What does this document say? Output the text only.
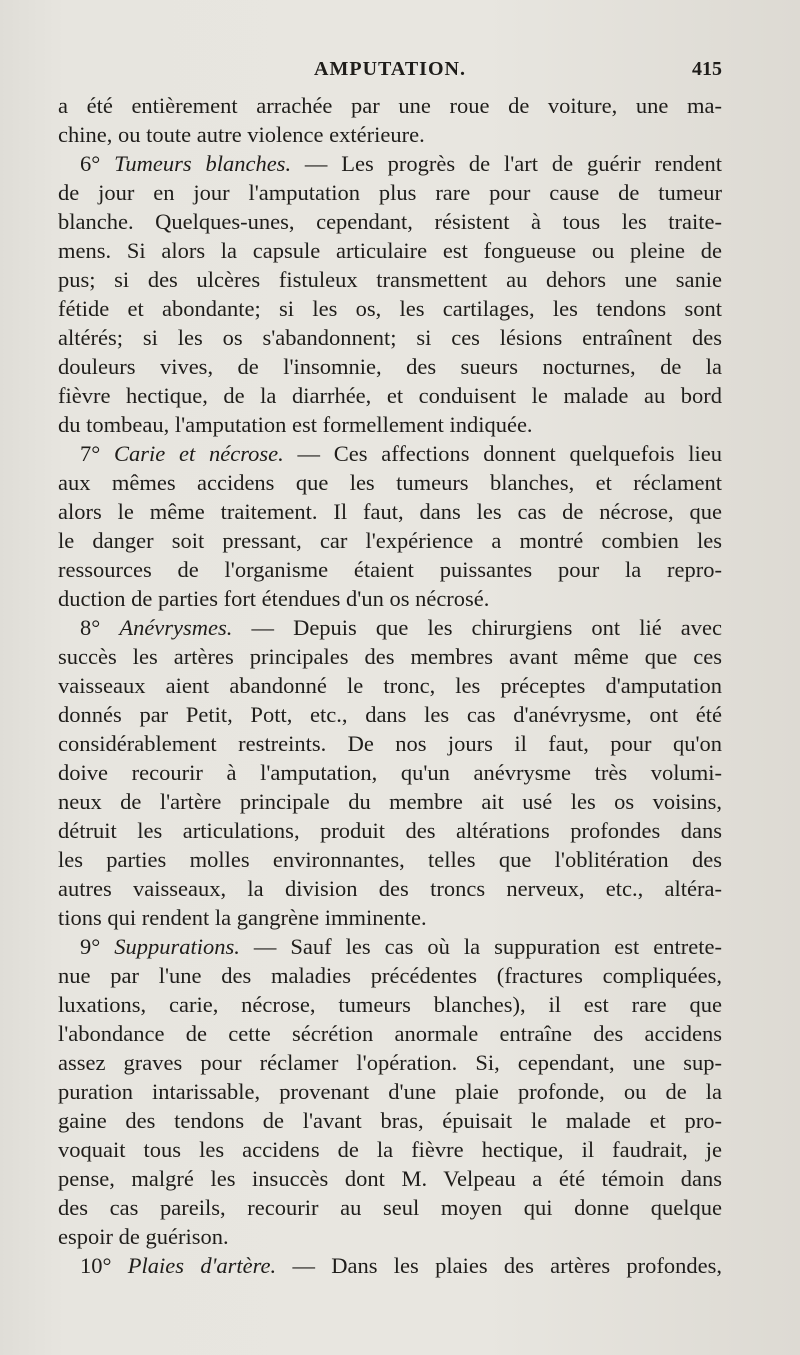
AMPUTATION.	415
a été entièrement arrachée par une roue de voiture, une ma-
chine, ou toute autre violence extérieure.
6° Tumeurs blanches. — Les progrès de l'art de guérir rendent
de jour en jour l'amputation plus rare pour cause de tumeur
blanche. Quelques-unes, cependant, résistent à tous les traite-
mens. Si alors la capsule articulaire est fongueuse ou pleine de
pus; si des ulcères fistuleux transmettent au dehors une sanie
fétide et abondante; si les os, les cartilages, les tendons sont
altérés; si les os s'abandonnent; si ces lésions entraînent des
douleurs vives, de l'insomnie, des sueurs nocturnes, de la
fièvre hectique, de la diarrhée, et conduisent le malade au bord
du tombeau, l'amputation est formellement indiquée.
7° Carie et nécrose. — Ces affections donnent quelquefois lieu
aux mêmes accidens que les tumeurs blanches, et réclament
alors le même traitement. Il faut, dans les cas de nécrose, que
le danger soit pressant, car l'expérience a montré combien les
ressources de l'organisme étaient puissantes pour la repro-
duction de parties fort étendues d'un os nécrosé.
8° Anévrysmes. — Depuis que les chirurgiens ont lié avec
succès les artères principales des membres avant même que ces
vaisseaux aient abandonné le tronc, les préceptes d'amputation
donnés par Petit, Pott, etc., dans les cas d'anévrysme, ont été
considérablement restreints. De nos jours il faut, pour qu'on
doive recourir à l'amputation, qu'un anévrysme très volumi-
neux de l'artère principale du membre ait usé les os voisins,
détruit les articulations, produit des altérations profondes dans
les parties molles environnantes, telles que l'oblitération des
autres vaisseaux, la division des troncs nerveux, etc., altéra-
tions qui rendent la gangrène imminente.
9° Suppurations. — Sauf les cas où la suppuration est entrete-
nue par l'une des maladies précédentes (fractures compliquées,
luxations, carie, nécrose, tumeurs blanches), il est rare que
l'abondance de cette sécrétion anormale entraîne des accidens
assez graves pour réclamer l'opération. Si, cependant, une sup-
puration intarissable, provenant d'une plaie profonde, ou de la
gaine des tendons de l'avant bras, épuisait le malade et pro-
voquait tous les accidens de la fièvre hectique, il faudrait, je
pense, malgré les insuccès dont M. Velpeau a été témoin dans
des cas pareils, recourir au seul moyen qui donne quelque
espoir de guérison.
10° Plaies d'artère. — Dans les plaies des artères profondes,
